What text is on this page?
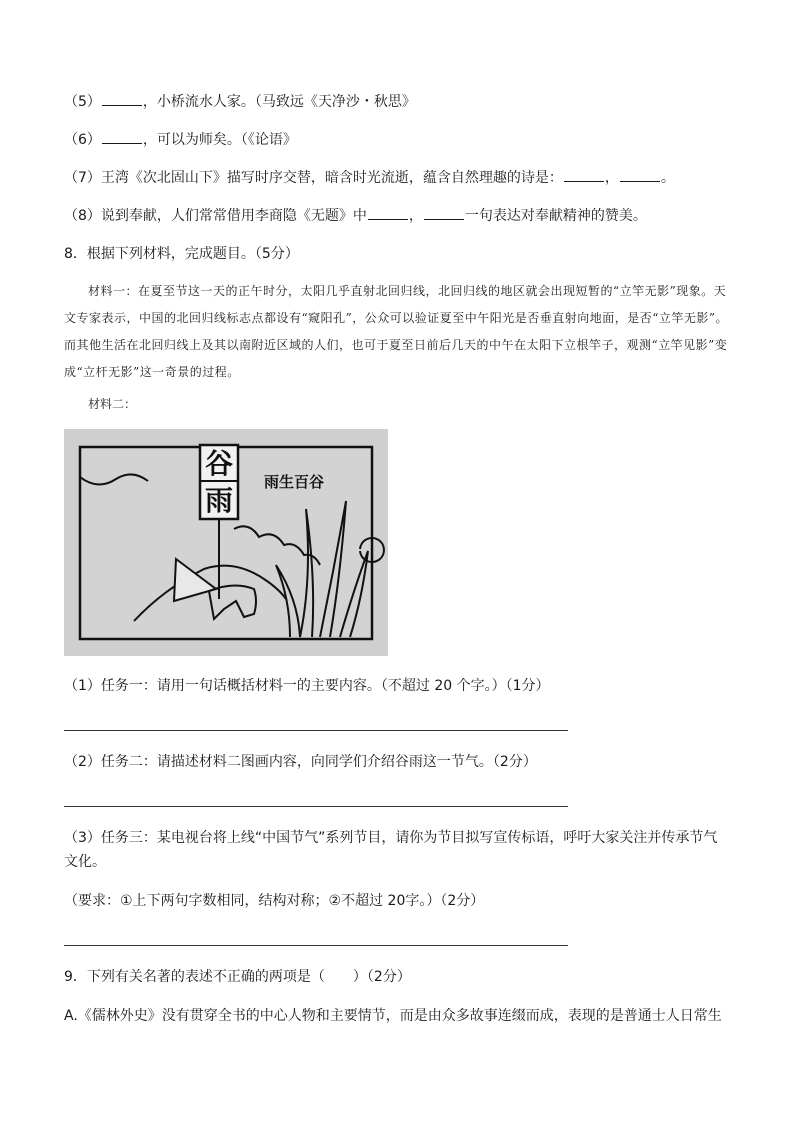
（5）	，小桥流水人家。（马致远《天净沙・秋思》
（6）	，可以为师矣。（《论语》
（7）王湾《次北固山下》描写时序交替，暗含时光流逝，蕴含自然理趣的诗是：	，	。
（8）说到奉献，人们常常借用李商隐《无题》中	，	一句表达对奉献精神的赞美。
8．根据下列材料，完成题目。（5分）
材料一：在夏至节这一天的正午时分，太阳几乎直射北回归线，北回归线的地区就会出现短暂的“立竿无影”现象。天文专家表示，中国的北回归线标志点都设有“窥阳孔”，公众可以验证夏至中午阳光是否垂直射向地面，是否“立竿无影”。而其他生活在北回归线上及其以南附近区域的人们，也可于夏至日前后几天的中午在太阳下立根竿子，观测“立竿见影”变成“立杆无影”这一奇景的过程。
材料二：
谷
雨
雨生百谷
（1）任务一：请用一句话概括材料一的主要内容。（不超过 20 个字。）（1分）
（2）任务二：请描述材料二图画内容，向同学们介绍谷雨这一节气。（2分）
（3）任务三：某电视台将上线“中国节气”系列节目，请你为节目拟写宣传标语，呼吁大家关注并传承节气文化。
（要求：①上下两句字数相同，结构对称；②不超过 20字。）（2分）
9．下列有关名著的表述不正确的两项是（　　）（2分）
A.《儒林外史》没有贯穿全书的中心人物和主要情节，而是由众多故事连缀而成，表现的是普通士人日常生
